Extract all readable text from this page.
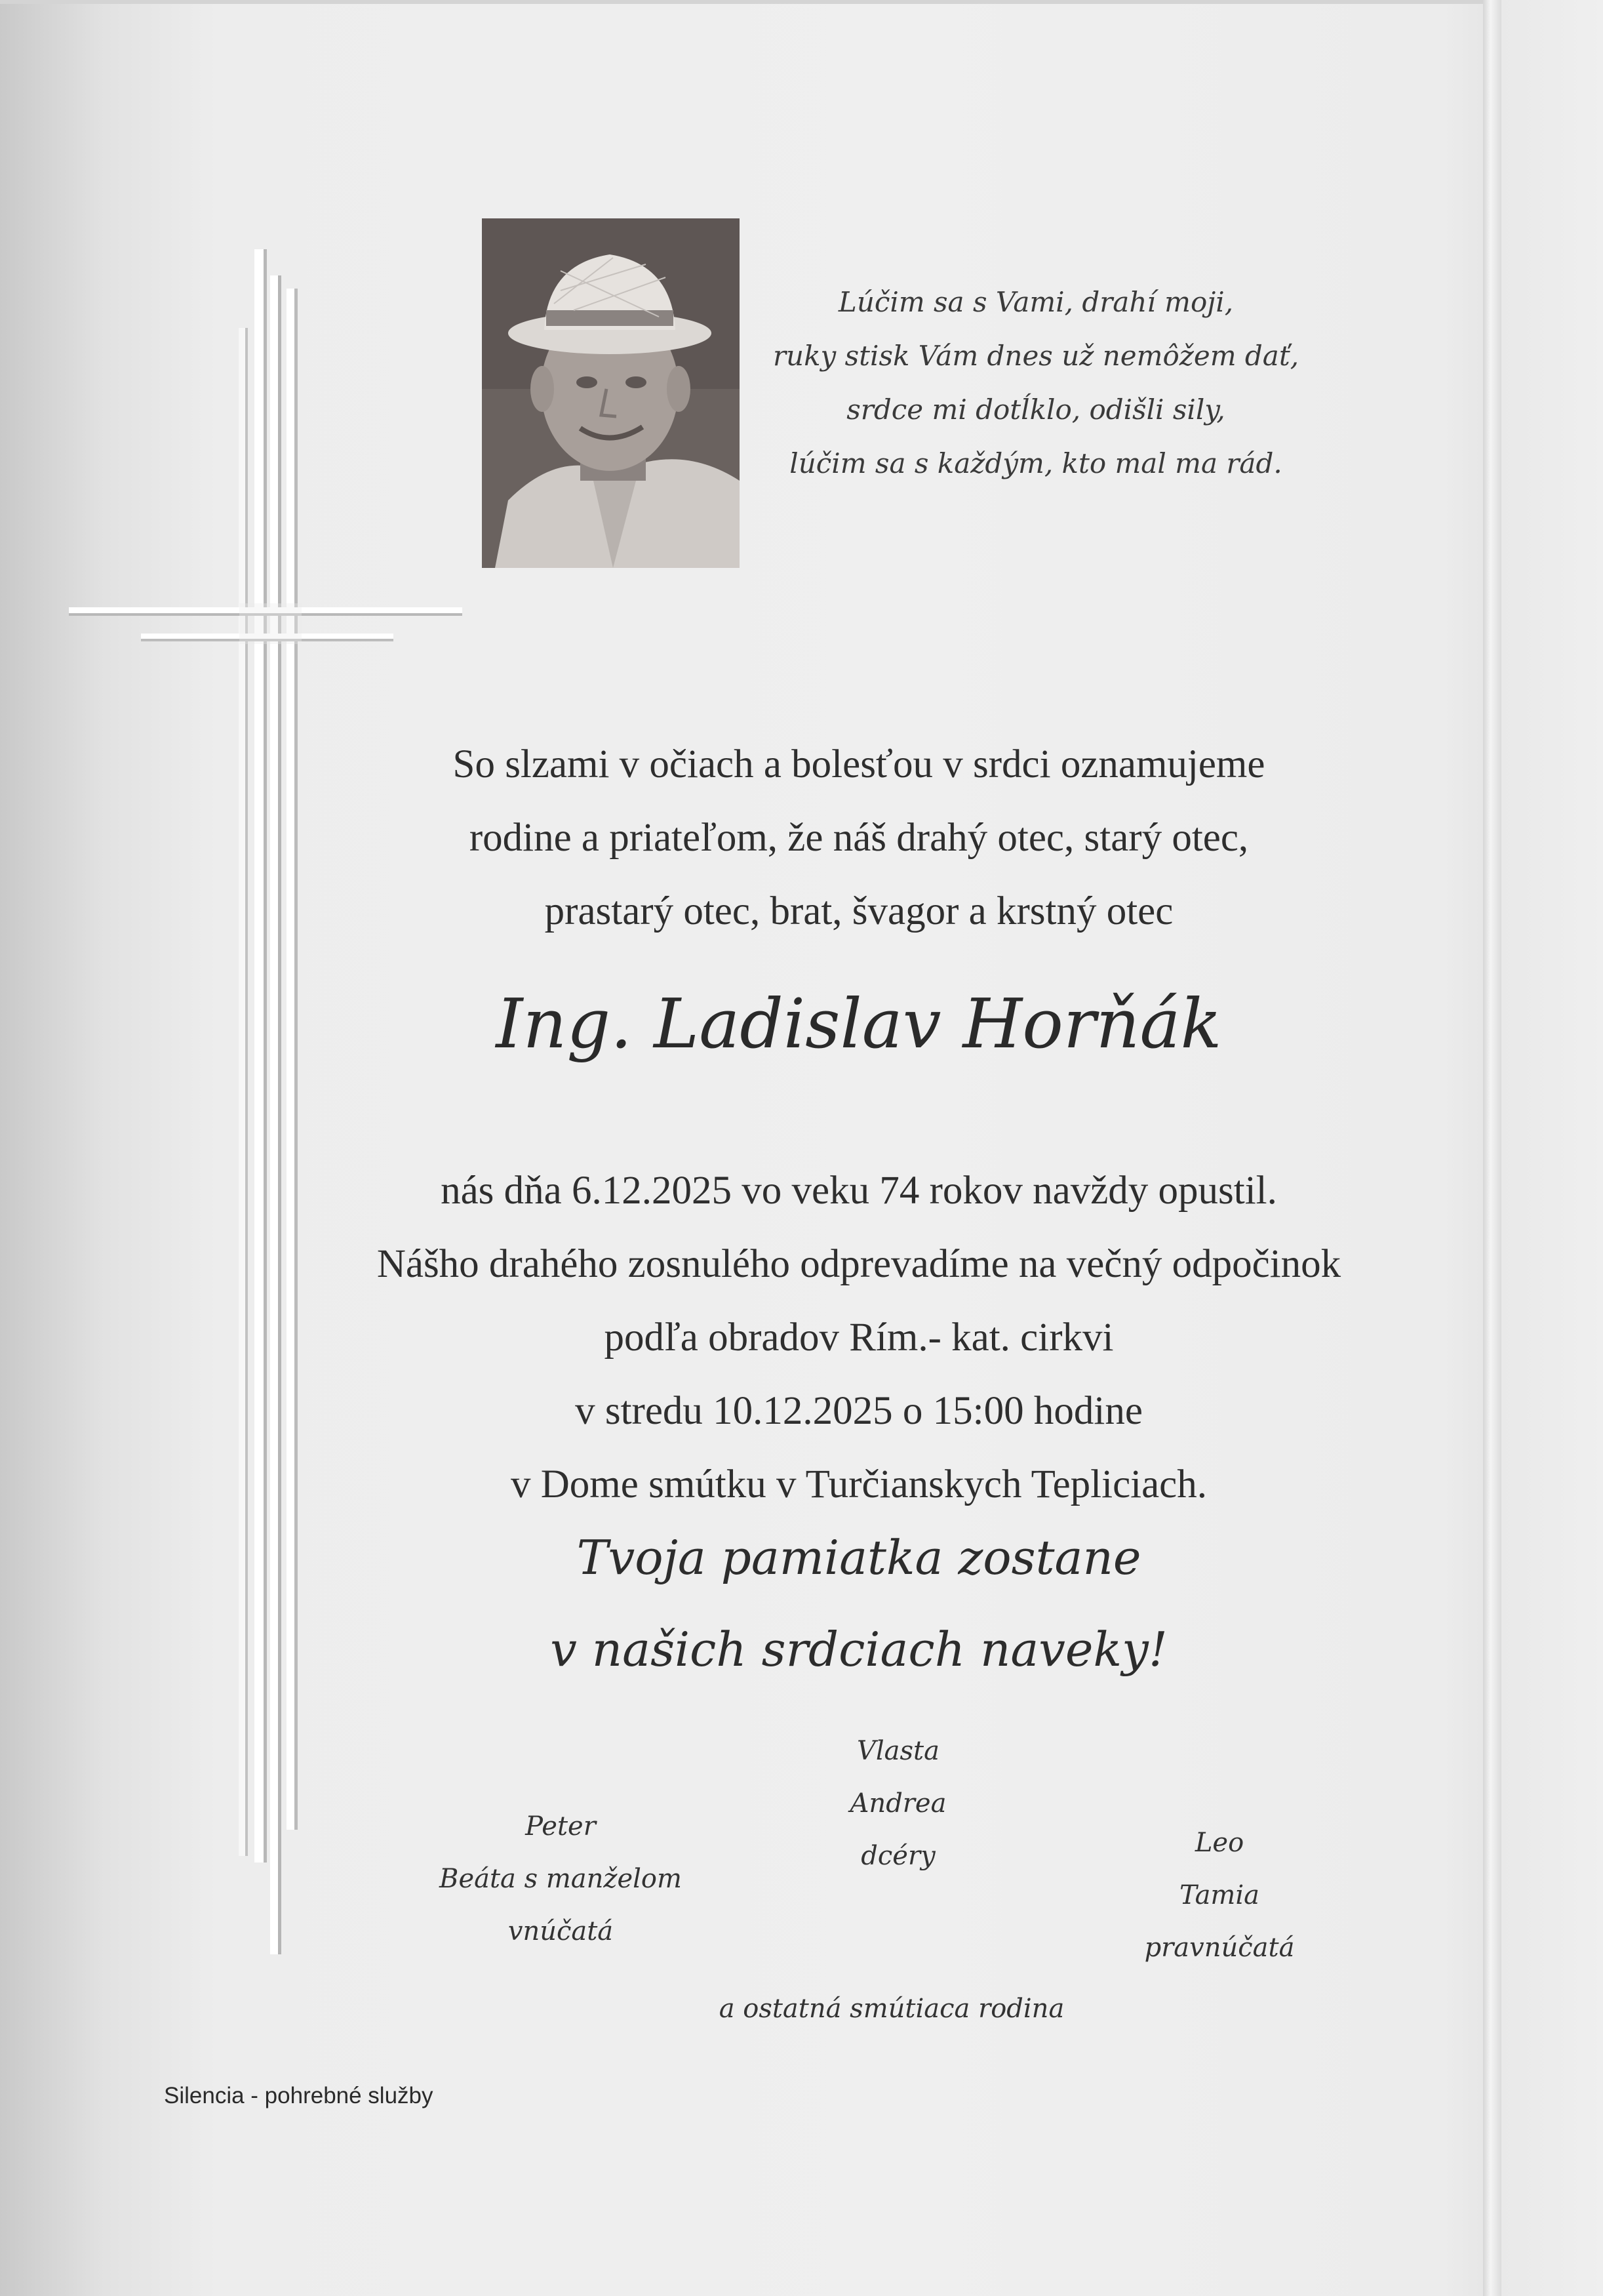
Lúčim sa s Vami, drahí moji,
ruky stisk Vám dnes už nemôžem dať,
srdce mi dotĺklo, odišli sily,
lúčim sa s každým, kto mal ma rád.
So slzami v očiach a bolesťou v srdci oznamujeme
rodine a priateľom, že náš drahý otec, starý otec,
prastarý otec, brat, švagor a krstný otec
Ing. Ladislav Horňák
nás dňa 6.12.2025 vo veku 74 rokov navždy opustil.
Nášho drahého zosnulého odprevadíme na večný odpočinok
podľa obradov Rím.- kat. cirkvi
v stredu 10.12.2025 o 15:00 hodine
v Dome smútku v Turčianskych Tepliciach.
Tvoja pamiatka zostane
v našich srdciach naveky!
Peter
Beáta s manželom
vnúčatá
Vlasta
Andrea
dcéry	Leo
Tamia
pravnúčatá
a ostatná smútiaca rodina
Silencia - pohrebné služby
